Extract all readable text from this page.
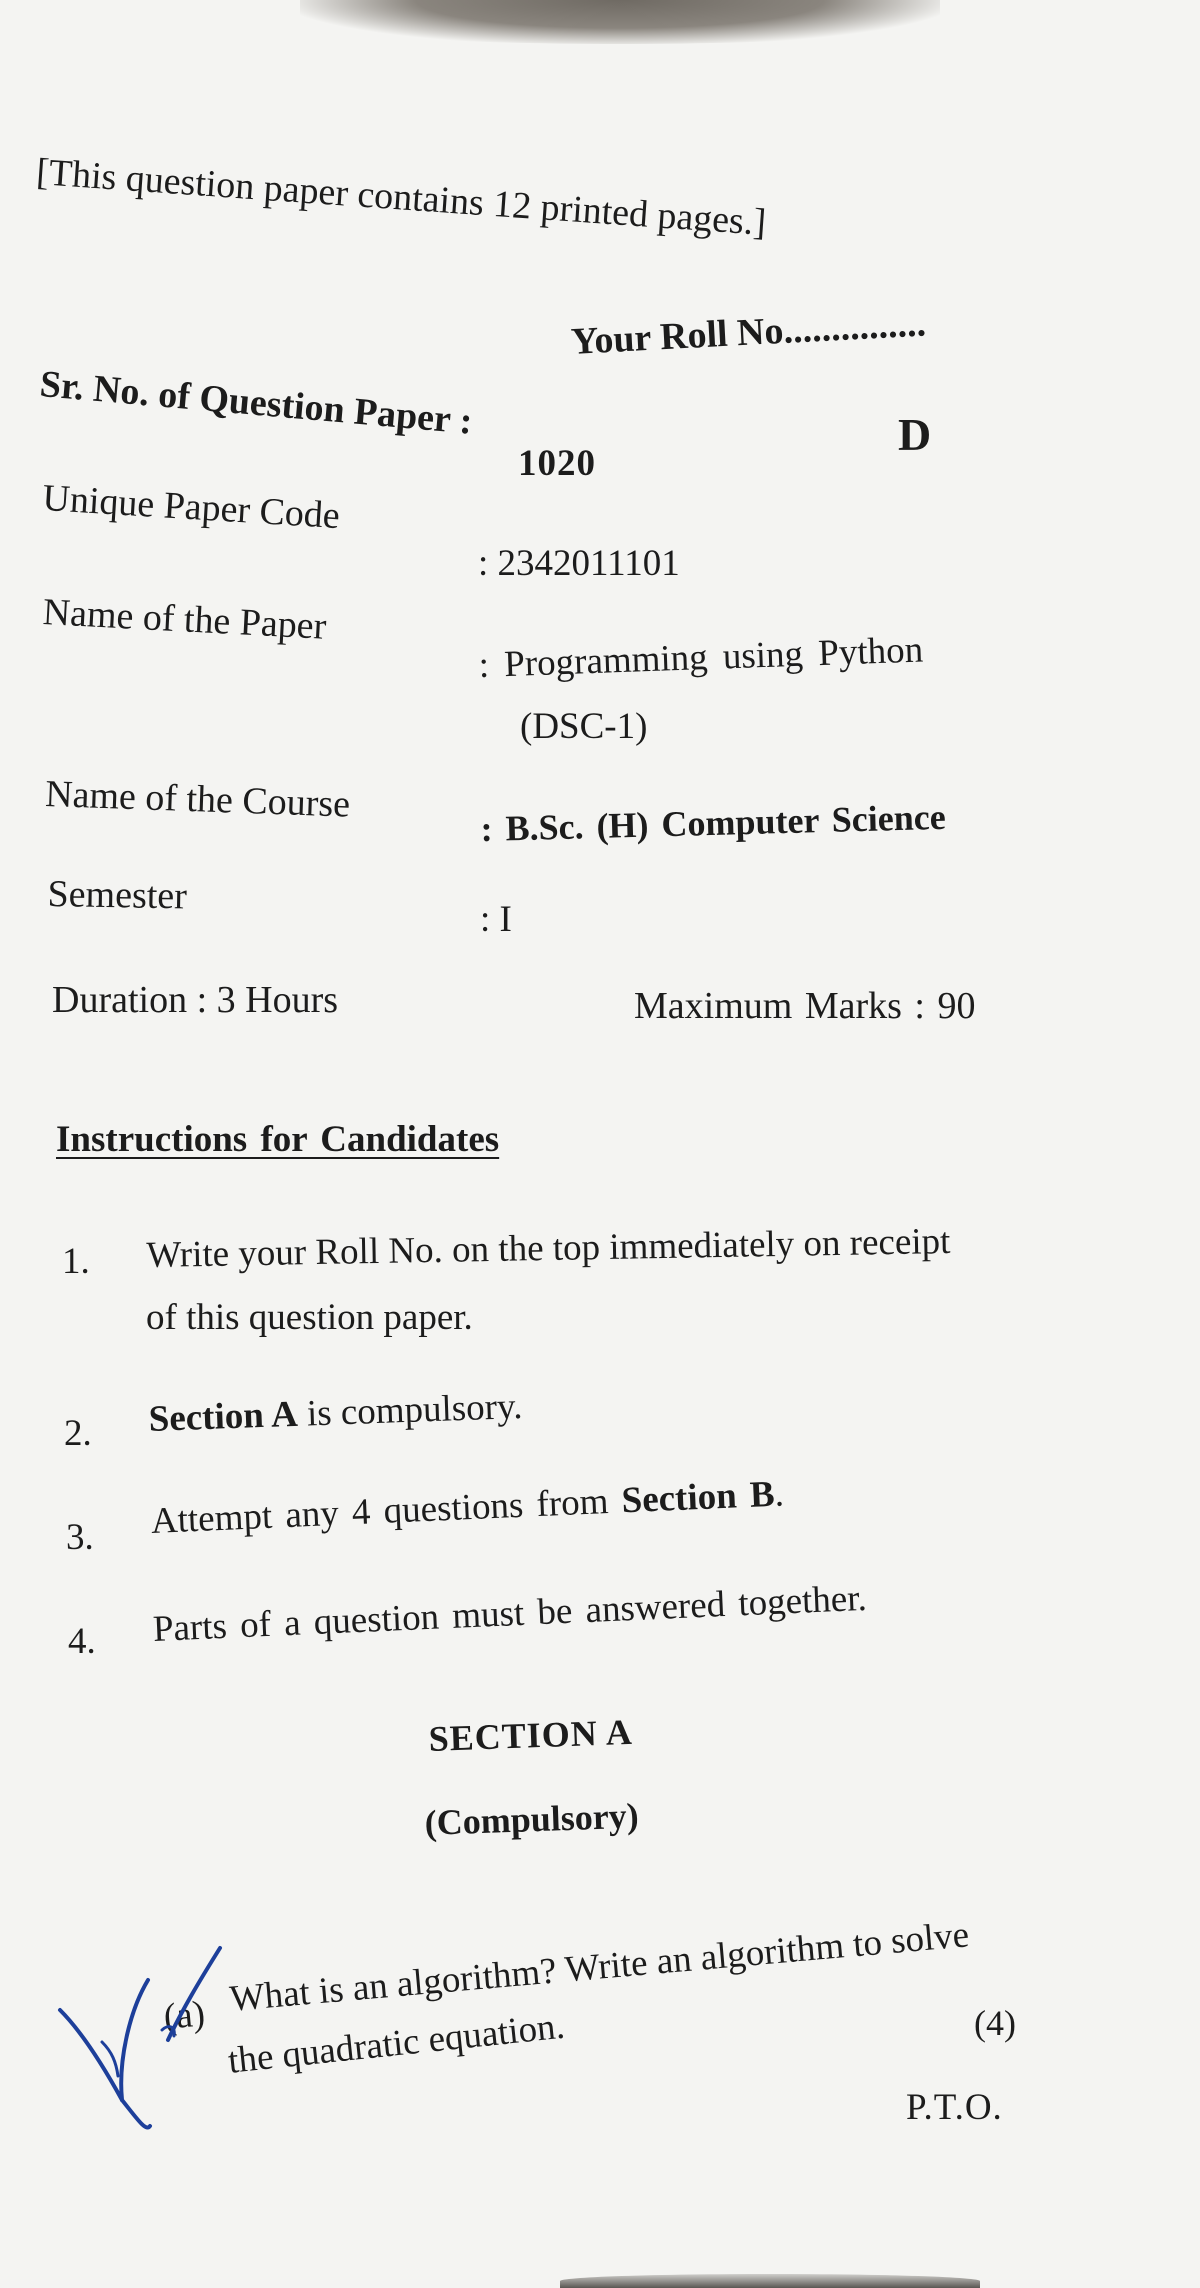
[This question paper contains 12 printed pages.]
Your Roll No...............
D
Sr. No. of Question Paper :
1020
Unique Paper Code
: 2342011101
Name of the Paper
: Programming using Python
(DSC-1)
Name of the Course	: B.Sc. (H) Computer Science
Semester
: I
Duration : 3 Hours	Maximum Marks : 90
Instructions for Candidates
1. Write your Roll No. on the top immediately on receipt
of this question paper.
2. Section A is compulsory.
3. Attempt any 4 questions from Section B.
4. Parts of a question must be answered together.
SECTION A
(Compulsory)
(a) What is an algorithm? Write an algorithm to solve
the quadratic equation.	(4)
P.T.O.
